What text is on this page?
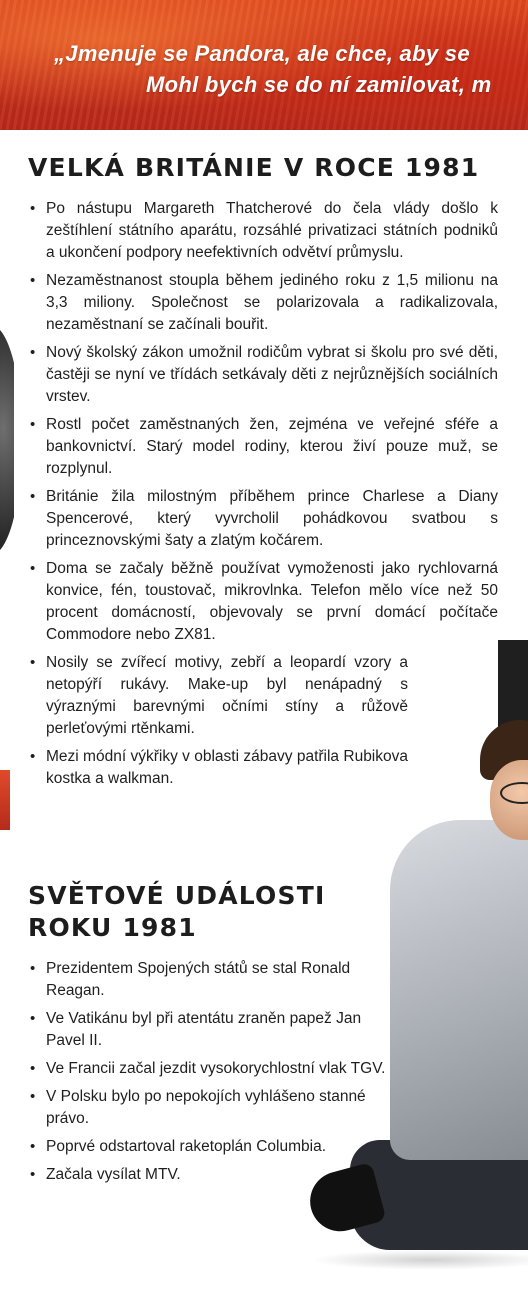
„Jmenuje se Pandora, ale chce, aby se
Mohl bych se do ní zamilovat, m
VELKÁ BRITÁNIE V ROCE 1981
• Po nástupu Margareth Thatcherové do čela vlády došlo k zeštíhlení státního aparátu, rozsáhlé privatizaci státních podniků a ukončení podpory neefektivních odvětví průmyslu.
• Nezaměstnanost stoupla během jediného roku z 1,5 milionu na 3,3 miliony. Společnost se polarizovala a radikalizovala, nezaměstnaní se začínali bouřit.
• Nový školský zákon umožnil rodičům vybrat si školu pro své děti, častěji se nyní ve třídách setkávaly děti z nejrůznějších sociálních vrstev.
• Rostl počet zaměstnaných žen, zejména ve veřejné sféře a bankovnictví. Starý model rodiny, kterou živí pouze muž, se rozplynul.
• Británie žila milostným příběhem prince Charlese a Diany Spencerové, který vyvrcholil pohádkovou svatbou s princeznovskými šaty a zlatým kočárem.
• Doma se začaly běžně používat vymoženosti jako rychlovarná konvice, fén, toustovač, mikrovlnka. Telefon mělo více než 50 procent domácností, objevovaly se první domácí počítače Commodore nebo ZX81.
• Nosily se zvířecí motivy, zebří a leopardí vzory a netopýří rukávy. Make-up byl nenápadný s výraznými barevnými očními stíny a růžově perleťovými rtěnkami.
• Mezi módní výkřiky v oblasti zábavy patřila Rubikova kostka a walkman.
SVĚTOVÉ UDÁLOSTI ROKU 1981
• Prezidentem Spojených států se stal Ronald Reagan.
• Ve Vatikánu byl při atentátu zraněn papež Jan Pavel II.
• Ve Francii začal jezdit vysokorychlostní vlak TGV.
• V Polsku bylo po nepokojích vyhlášeno stanné právo.
• Poprvé odstartoval raketoplán Columbia.
• Začala vysílat MTV.
